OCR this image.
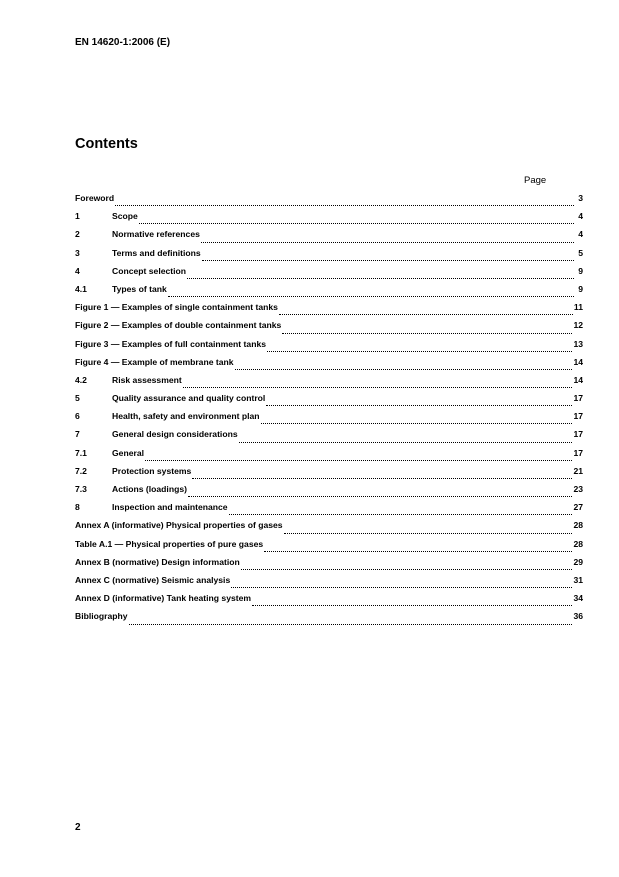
EN 14620-1:2006 (E)
Contents
Page
Foreword	3
1	Scope	4
2	Normative references	4
3	Terms and definitions	5
4	Concept selection	9
4.1	Types of tank	9
Figure 1 — Examples of single containment tanks	11
Figure 2 — Examples of double containment tanks	12
Figure 3 — Examples of full containment tanks	13
Figure 4 — Example of membrane tank	14
4.2	Risk assessment	14
5	Quality assurance and quality control	17
6	Health, safety and environment plan	17
7	General design considerations	17
7.1	General	17
7.2	Protection systems	21
7.3	Actions (loadings)	23
8	Inspection and maintenance	27
Annex A (informative) Physical properties of gases	28
Table A.1 — Physical properties of pure gases	28
Annex B (normative) Design information	29
Annex C (normative) Seismic analysis	31
Annex D (informative) Tank heating system	34
Bibliography	36
2
